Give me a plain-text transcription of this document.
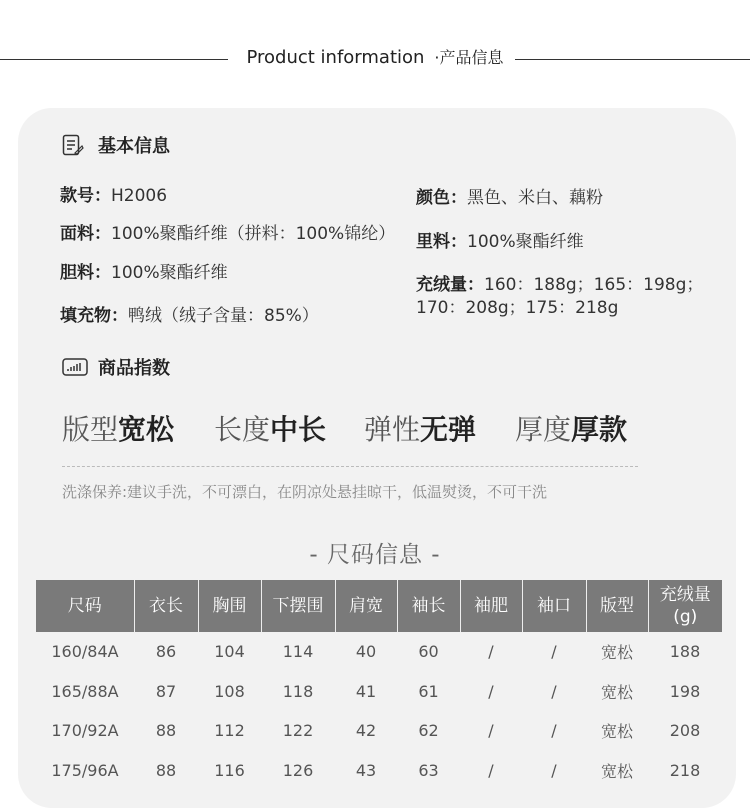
Product information ·产品信息
基本信息
款号：H2006
面料：100%聚酯纤维（拼料：100%锦纶）
胆料：100%聚酯纤维
填充物：鸭绒（绒子含量：85%）
颜色：黑色、米白、藕粉
里料：100%聚酯纤维
充绒量：160：188g；165：198g；
170：208g；175：218g
商品指数
版型宽松 长度中长 弹性无弹 厚度厚款
洗涤保养:建议手洗，不可漂白，在阴凉处悬挂晾干，低温熨烫，不可干洗
- 尺码信息 -
尺码	衣长	胸围	下摆围	肩宽	袖长	袖肥	袖口	版型	充绒量
(g)
160/84A	86	104	114	40	60	/	/	宽松	188
165/88A	87	108	118	41	61	/	/	宽松	198
170/92A	88	112	122	42	62	/	/	宽松	208
175/96A	88	116	126	43	63	/	/	宽松	218
